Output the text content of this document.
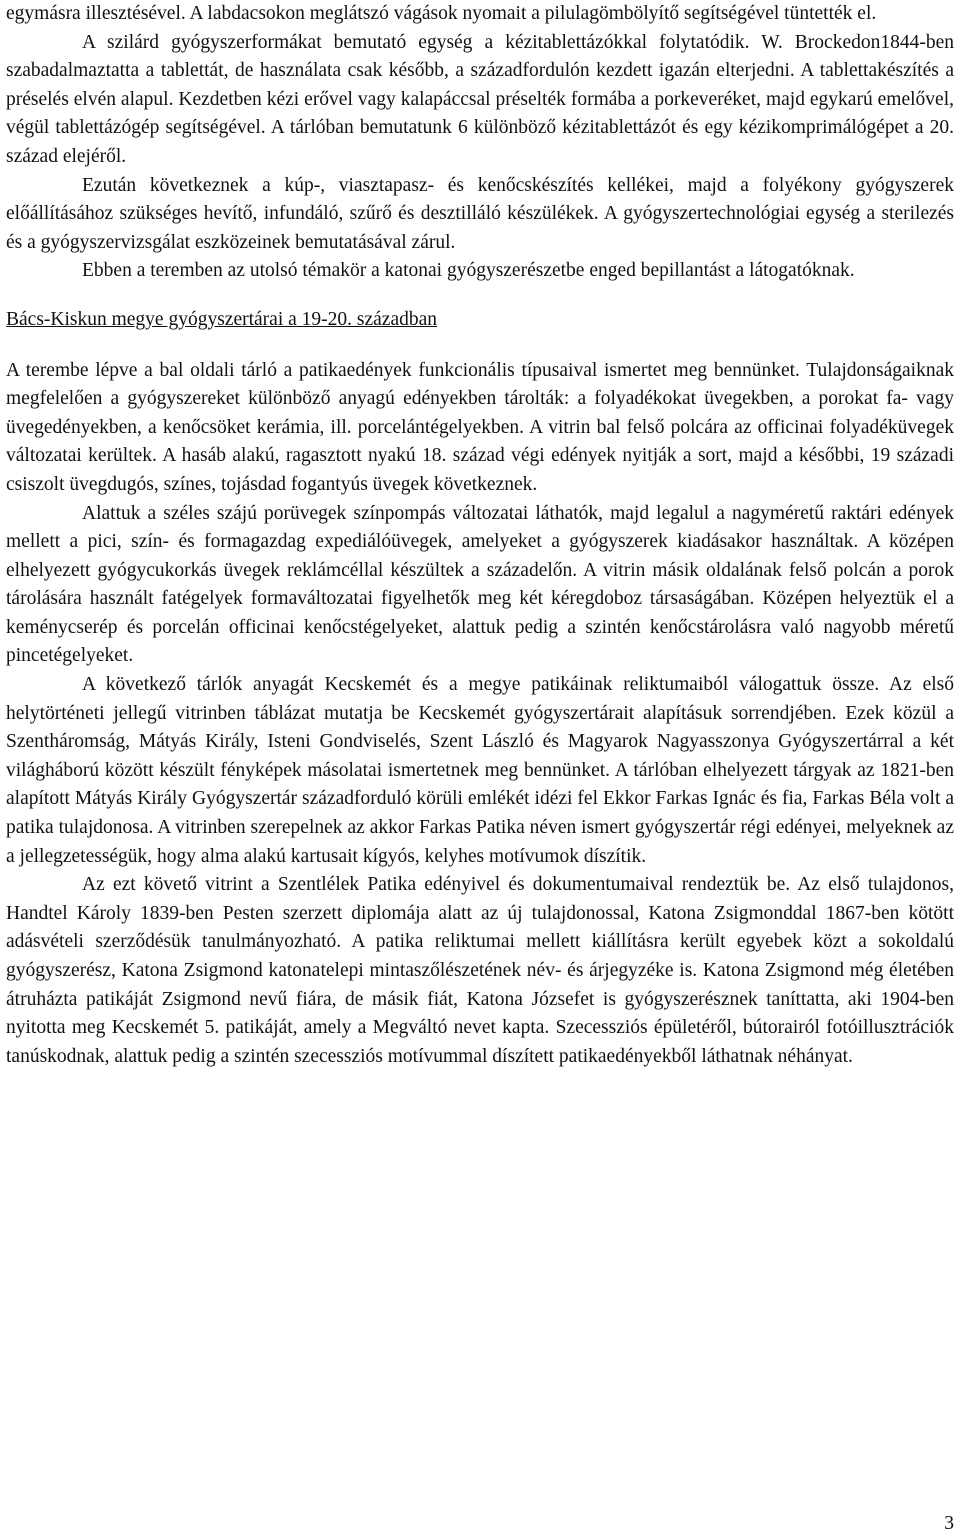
egymásra illesztésével. A labdacsokon meglátszó vágások nyomait a pilulagömbölyítő segítségével tüntették el.

A szilárd gyógyszerformákat bemutató egység a kézitablettázókkal folytatódik. W. Brockedon1844-ben szabadalmaztatta a tablettát, de használata csak később, a századfordulón kezdett igazán elterjedni. A tablettakészítés a préselés elvén alapul. Kezdetben kézi erővel vagy kalapáccsal préselték formába a porkeveréket, majd egykarú emelővel, végül tablettázógép segítségével. A tárlóban bemutatunk 6 különböző kézitablettázót és egy kézikomprimálógépet a 20. század elejéről.

Ezután következnek a kúp-, viasztapasz- és kenőcskészítés kellékei, majd a folyékony gyógyszerek előállításához szükséges hevítő, infundáló, szűrő és desztilláló készülékek. A gyógyszertechnológiai egység a sterilezés és a gyógyszervizsgálat eszközeinek bemutatásával zárul.

Ebben a teremben az utolsó témakör a katonai gyógyszerészetbe enged bepillantást a látogatóknak.

Bács-Kiskun megye gyógyszertárai a 19-20. században

A terembe lépve a bal oldali tárló a patikaedények funkcionális típusaival ismertet meg bennünket. Tulajdonságaiknak megfelelően a gyógyszereket különböző anyagú edényekben tárolták: a folyadékokat üvegekben, a porokat fa- vagy üvegedényekben, a kenőcsöket kerámia, ill. porcelántégelyekben. A vitrin bal felső polcára az officinai folyadéküvegek változatai kerültek. A hasáb alakú, ragasztott nyakú 18. század végi edények nyitják a sort, majd a későbbi, 19 századi csiszolt üvegdugós, színes, tojásdad fogantyús üvegek következnek.

Alattuk a széles szájú porüvegek színpompás változatai láthatók, majd legalul a nagyméretű raktári edények mellett a pici, szín- és formagazdag expediálóüvegek, amelyeket a gyógyszerek kiadásakor használtak. A középen elhelyezett gyógycukorkás üvegek reklámcéllal készültek a századelőn. A vitrin másik oldalának felső polcán a porok tárolására használt fatégelyek formaváltozatai figyelhetők meg két kéregdoboz társaságában. Középen helyeztük el a keménycserép és porcelán officinai kenőcstégelyeket, alattuk pedig a szintén kenőcstárolásra való nagyobb méretű pincetégelyeket.

A következő tárlók anyagát Kecskemét és a megye patikáinak reliktumaiból válogattuk össze. Az első helytörténeti jellegű vitrinben táblázat mutatja be Kecskemét gyógyszertárait alapításuk sorrendjében. Ezek közül a Szentháromság, Mátyás Király, Isteni Gondviselés, Szent László és Magyarok Nagyasszonya Gyógyszertárral a két világháború között készült fényképek másolatai ismertetnek meg bennünket. A tárlóban elhelyezett tárgyak az 1821-ben alapított Mátyás Király Gyógyszertár századforduló körüli emlékét idézi fel Ekkor Farkas Ignác és fia, Farkas Béla volt a patika tulajdonosa. A vitrinben szerepelnek az akkor Farkas Patika néven ismert gyógyszertár régi edényei, melyeknek az a jellegzetességük, hogy alma alakú kartusait kígyós, kelyhes motívumok díszítik.

Az ezt követő vitrint a Szentlélek Patika edényivel és dokumentumaival rendeztük be. Az első tulajdonos, Handtel Károly 1839-ben Pesten szerzett diplomája alatt az új tulajdonossal, Katona Zsigmonddal 1867-ben kötött adásvételi szerződésük tanulmányozható. A patika reliktumai mellett kiállításra került egyebek közt a sokoldalú gyógyszerész, Katona Zsigmond katonatelepi mintaszőlészetének név- és árjegyzéke is. Katona Zsigmond még életében átruházta patikáját Zsigmond nevű fiára, de másik fiát, Katona Józsefet is gyógyszerésznek taníttatta, aki 1904-ben nyitotta meg Kecskemét 5. patikáját, amely a Megváltó nevet kapta. Szecessziós épületéről, bútorairól fotóillusztrációk tanúskodnak, alattuk pedig a szintén szecessziós motívummal díszített patikaedényekből láthatnak néhányat.

3
